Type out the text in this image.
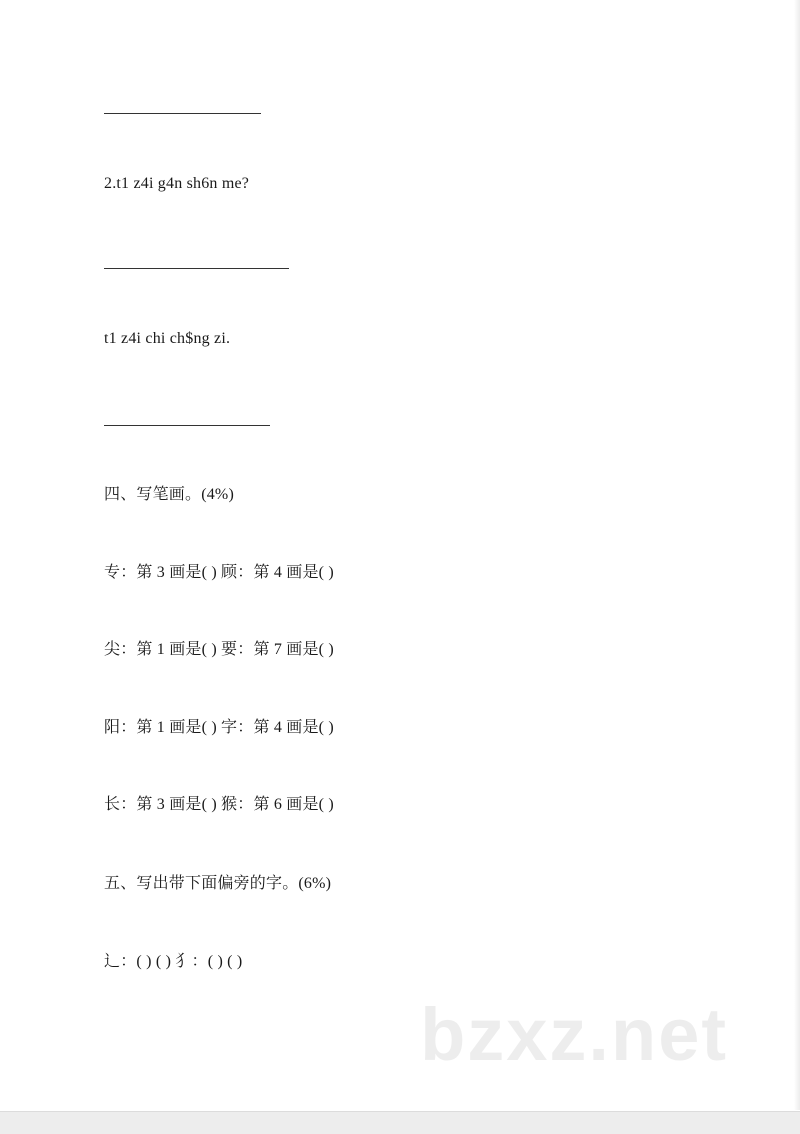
2.t1 z4i g4n sh6n me?
t1 z4i chi ch$ng zi.
四、写笔画。(4%)
专：第 3 画是( ) 顾：第 4 画是( )
尖：第 1 画是( ) 要：第 7 画是( )
阳：第 1 画是( ) 字：第 4 画是( )
长：第 3 画是( ) 猴：第 6 画是( )
五、写出带下面偏旁的字。(6%)
辶：( ) ( ) 犭：( ) ( )
bzxz.net
